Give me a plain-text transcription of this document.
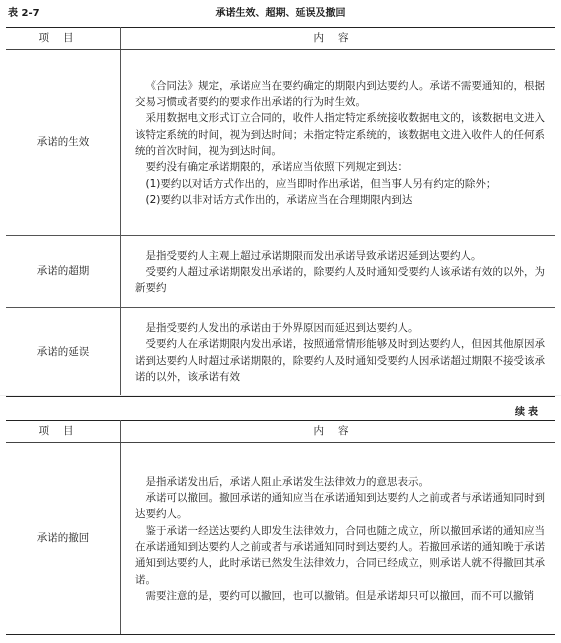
表 2-7	承诺生效、超期、延误及撤回
项目	内容
承诺的生效	《合同法》规定，承诺应当在要约确定的期限内到达要约人。承诺不需要通知的，根据交易习惯或者要约的要求作出承诺的行为时生效。

采用数据电文形式订立合同的，收件人指定特定系统接收数据电文的，该数据电文进入该特定系统的时间，视为到达时间；未指定特定系统的，该数据电文进入收件人的任何系统的首次时间，视为到达时间。

要约没有确定承诺期限的，承诺应当依照下列规定到达：

(1)要约以对话方式作出的，应当即时作出承诺，但当事人另有约定的除外；

(2)要约以非对话方式作出的，承诺应当在合理期限内到达

承诺的超期	是指受要约人主观上超过承诺期限而发出承诺导致承诺迟延到达要约人。

受要约人超过承诺期限发出承诺的，除要约人及时通知受要约人该承诺有效的以外，为新要约

承诺的延误	是指受要约人发出的承诺由于外界原因而延迟到达要约人。

受要约人在承诺期限内发出承诺，按照通常情形能够及时到达要约人，但因其他原因承诺到达要约人时超过承诺期限的，除要约人及时通知受要约人因承诺超过期限不接受该承诺的以外，该承诺有效

续表
项目	内容
承诺的撤回	是指承诺发出后，承诺人阻止承诺发生法律效力的意思表示。

承诺可以撤回。撤回承诺的通知应当在承诺通知到达要约人之前或者与承诺通知同时到达要约人。

鉴于承诺一经送达要约人即发生法律效力，合同也随之成立，所以撤回承诺的通知应当在承诺通知到达要约人之前或者与承诺通知同时到达要约人。若撤回承诺的通知晚于承诺通知到达要约人，此时承诺已然发生法律效力，合同已经成立，则承诺人就不得撤回其承诺。

需要注意的是，要约可以撤回，也可以撤销。但是承诺却只可以撤回，而不可以撤销
